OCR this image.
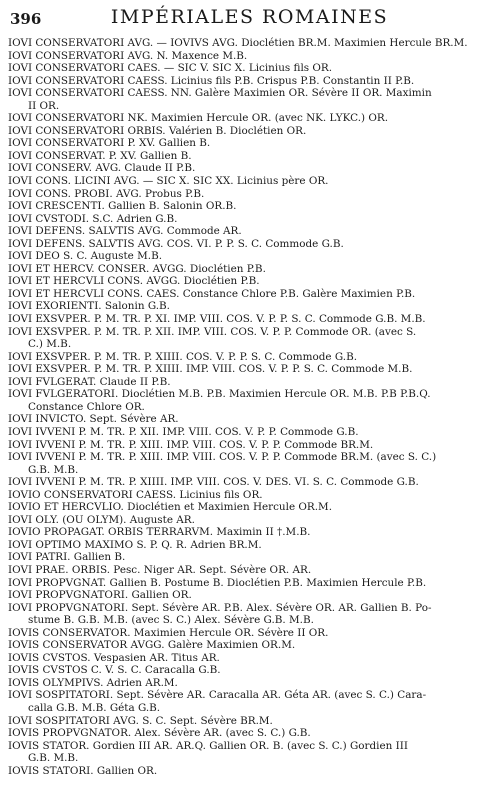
396	IMPÉRIALES ROMAINES
IOVI CONSERVATORI AVG. — IOVIVS AVG. Dioclétien BR.M. Maximien Hercule BR.M.
IOVI CONSERVATORI AVG. N. Maxence M.B.
IOVI CONSERVATORI CAES. — SIC V. SIC X. Licinius fils OR.
IOVI CONSERVATORI CAESS. Licinius fils P.B. Crispus P.B. Constantin II P.B.
IOVI CONSERVATORI CAESS. NN. Galère Maximien OR. Sévère II OR. Maximin
II OR.
IOVI CONSERVATORI NK. Maximien Hercule OR. (avec NK. LYKC.) OR.
IOVI CONSERVATORI ORBIS. Valérien B. Dioclétien OR.
IOVI CONSERVATORI P. XV. Gallien B.
IOVI CONSERVAT. P. XV. Gallien B.
IOVI CONSERV. AVG. Claude II P.B.
IOVI CONS. LICINI AVG. — SIC X. SIC XX. Licinius père OR.
IOVI CONS. PROBI. AVG. Probus P.B.
IOVI CRESCENTI. Gallien B. Salonin OR.B.
IOVI CVSTODI. S.C. Adrien G.B.
IOVI DEFENS. SALVTIS AVG. Commode AR.
IOVI DEFENS. SALVTIS AVG. COS. VI. P. P. S. C. Commode G.B.
IOVI DEO S. C. Auguste M.B.
IOVI ET HERCV. CONSER. AVGG. Dioclétien P.B.
IOVI ET HERCVLI CONS. AVGG. Dioclétien P.B.
IOVI ET HERCVLI CONS. CAES. Constance Chlore P.B. Galère Maximien P.B.
IOVI EXORIENTI. Salonin G.B.
IOVI EXSVPER. P. M. TR. P. XI. IMP. VIII. COS. V. P. P. S. C. Commode G.B. M.B.
IOVI EXSVPER. P. M. TR. P. XII. IMP. VIII. COS. V. P. P. Commode OR. (avec S.
C.) M.B.
IOVI EXSVPER. P. M. TR. P. XIIII. COS. V. P. P. S. C. Commode G.B.
IOVI EXSVPER. P. M. TR. P. XIIII. IMP. VIII. COS. V. P. P. S. C. Commode M.B.
IOVI FVLGERAT. Claude II P.B.
IOVI FVLGERATORI. Dioclétien M.B. P.B. Maximien Hercule OR. M.B. P.B P.B.Q.
Constance Chlore OR.
IOVI INVICTO. Sept. Sévère AR.
IOVI IVVENI P. M. TR. P. XII. IMP. VIII. COS. V. P. P. Commode G.B.
IOVI IVVENI P. M. TR. P. XIII. IMP. VIII. COS. V. P. P. Commode BR.M.
IOVI IVVENI P. M. TR. P. XIII. IMP. VIII. COS. V. P. P. Commode BR.M. (avec S. C.)
G.B. M.B.
IOVI IVVENI P. M. TR. P. XIIII. IMP. VIII. COS. V. DES. VI. S. C. Commode G.B.
IOVIO CONSERVATORI CAESS. Licinius fils OR.
IOVIO ET HERCVLIO. Dioclétien et Maximien Hercule OR.M.
IOVI OLY. (OU OLYM). Auguste AR.
IOVIO PROPAGAT. ORBIS TERRARVM. Maximin II †.M.B.
IOVI OPTIMO MAXIMO S. P. Q. R. Adrien BR.M.
IOVI PATRI. Gallien B.
IOVI PRAE. ORBIS. Pesc. Niger AR. Sept. Sévère OR. AR.
IOVI PROPVGNAT. Gallien B. Postume B. Dioclétien P.B. Maximien Hercule P.B.
IOVI PROPVGNATORI. Gallien OR.
IOVI PROPVGNATORI. Sept. Sévère AR. P.B. Alex. Sévère OR. AR. Gallien B. Po-
stume B. G.B. M.B. (avec S. C.) Alex. Sévère G.B. M.B.
IOVIS CONSERVATOR. Maximien Hercule OR. Sévère II OR.
IOVIS CONSERVATOR AVGG. Galère Maximien OR.M.
IOVIS CVSTOS. Vespasien AR. Titus AR.
IOVIS CVSTOS C. V. S. C. Caracalla G.B.
IOVIS OLYMPIVS. Adrien AR.M.
IOVI SOSPITATORI. Sept. Sévère AR. Caracalla AR. Géta AR. (avec S. C.) Cara-
calla G.B. M.B. Géta G.B.
IOVI SOSPITATORI AVG. S. C. Sept. Sévère BR.M.
IOVIS PROPVGNATOR. Alex. Sévère AR. (avec S. C.) G.B.
IOVIS STATOR. Gordien III AR. AR.Q. Gallien OR. B. (avec S. C.) Gordien III
G.B. M.B.
IOVIS STATORI. Gallien OR.
